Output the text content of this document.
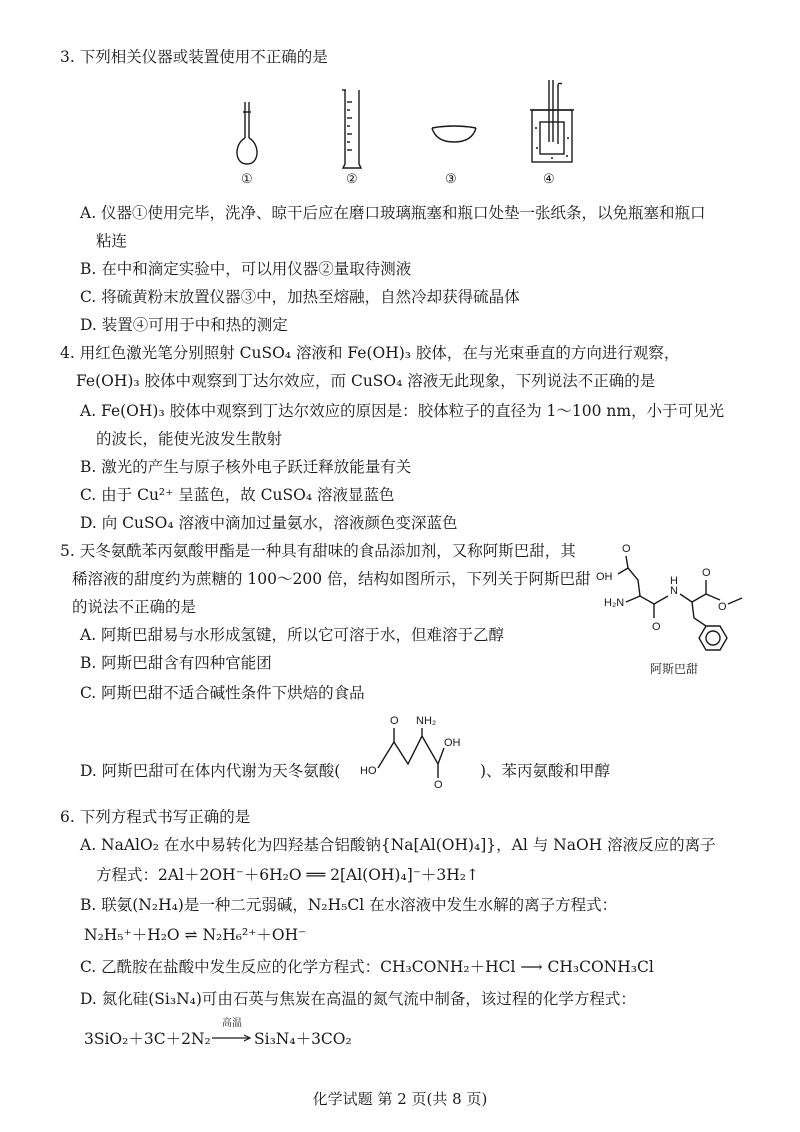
3. 下列相关仪器或装置使用不正确的是
①	②	③	④
A. 仪器①使用完毕，洗净、晾干后应在磨口玻璃瓶塞和瓶口处垫一张纸条，以免瓶塞和瓶口
粘连
B. 在中和滴定实验中，可以用仪器②量取待测液
C. 将硫黄粉末放置仪器③中，加热至熔融，自然冷却获得硫晶体
D. 装置④可用于中和热的测定
4. 用红色激光笔分别照射 CuSO₄ 溶液和 Fe(OH)₃ 胶体，在与光束垂直的方向进行观察，
Fe(OH)₃ 胶体中观察到丁达尔效应，而 CuSO₄ 溶液无此现象，下列说法不正确的是
A. Fe(OH)₃ 胶体中观察到丁达尔效应的原因是：胶体粒子的直径为 1～100 nm，小于可见光
的波长，能使光波发生散射
B. 激光的产生与原子核外电子跃迁释放能量有关
C. 由于 Cu²⁺ 呈蓝色，故 CuSO₄ 溶液显蓝色
D. 向 CuSO₄ 溶液中滴加过量氨水，溶液颜色变深蓝色
5. 天冬氨酰苯丙氨酸甲酯是一种具有甜味的食品添加剂，又称阿斯巴甜，其
稀溶液的甜度约为蔗糖的 100～200 倍，结构如图所示，下列关于阿斯巴甜
的说法不正确的是
O
OH
H₂N
O
N
H
O
O
阿斯巴甜
A. 阿斯巴甜易与水形成氢键，所以它可溶于水，但难溶于乙醇
B. 阿斯巴甜含有四种官能团
C. 阿斯巴甜不适合碱性条件下烘焙的食品
D. 阿斯巴甜可在体内代谢为天冬氨酸(
O NH₂
OH
HO
O
)、苯丙氨酸和甲醇
6. 下列方程式书写正确的是
A. NaAlO₂ 在水中易转化为四羟基合铝酸钠{Na[Al(OH)₄]}，Al 与 NaOH 溶液反应的离子
方程式：2Al＋2OH⁻＋6H₂O ══ 2[Al(OH)₄]⁻＋3H₂↑
B. 联氨(N₂H₄)是一种二元弱碱，N₂H₅Cl 在水溶液中发生水解的离子方程式：
N₂H₅⁺＋H₂O ⇌ N₂H₆²⁺＋OH⁻
C. 乙酰胺在盐酸中发生反应的化学方程式：CH₃CONH₂＋HCl ⟶ CH₃CONH₃Cl
D. 氮化硅(Si₃N₄)可由石英与焦炭在高温的氮气流中制备，该过程的化学方程式：
3SiO₂＋3C＋2N₂
高温
→ Si₃N₄＋3CO₂
化学试题 第 2 页(共 8 页)
